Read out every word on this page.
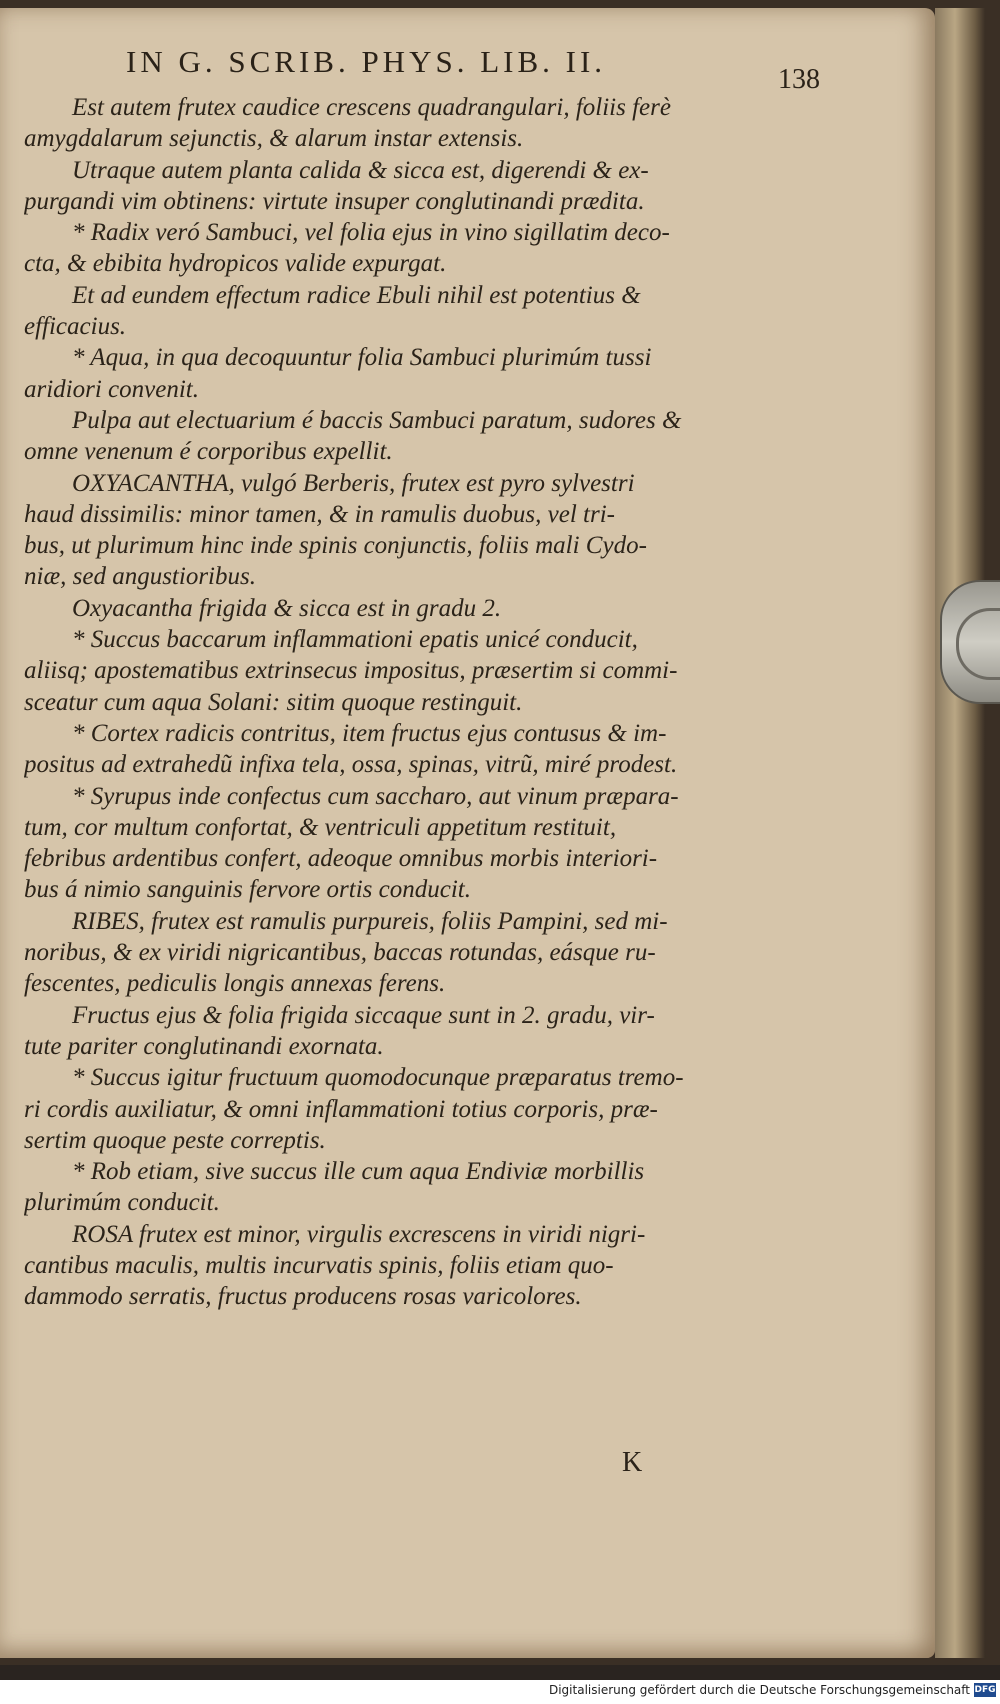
IN G. SCRIB. PHYS. LIB. II.
138
Est autem frutex caudice crescens quadrangulari, foliis ferè
amygdalarum sejunctis, & alarum instar extensis.
Utraque autem planta calida & sicca est, digerendi & ex-
purgandi vim obtinens: virtute insuper conglutinandi prædita.
* Radix veró Sambuci, vel folia ejus in vino sigillatim deco-
cta, & ebibita hydropicos valide expurgat.
Et ad eundem effectum radice Ebuli nihil est potentius &
efficacius.
* Aqua, in qua decoquuntur folia Sambuci plurimúm tussi
aridiori convenit.
Pulpa aut electuarium é baccis Sambuci paratum, sudores &
omne venenum é corporibus expellit.
OXYACANTHA, vulgó Berberis, frutex est pyro sylvestri
haud dissimilis: minor tamen, & in ramulis duobus, vel tri-
bus, ut plurimum hinc inde spinis conjunctis, foliis mali Cydo-
niæ, sed angustioribus.
Oxyacantha frigida & sicca est in gradu 2.
* Succus baccarum inflammationi epatis unicé conducit,
aliisq; apostematibus extrinsecus impositus, præsertim si commi-
sceatur cum aqua Solani: sitim quoque restinguit.
* Cortex radicis contritus, item fructus ejus contusus & im-
positus ad extrahedũ infixa tela, ossa, spinas, vitrũ, miré prodest.
* Syrupus inde confectus cum saccharo, aut vinum præpara-
tum, cor multum confortat, & ventriculi appetitum restituit,
febribus ardentibus confert, adeoque omnibus morbis interiori-
bus á nimio sanguinis fervore ortis conducit.
RIBES, frutex est ramulis purpureis, foliis Pampini, sed mi-
noribus, & ex viridi nigricantibus, baccas rotundas, eásque ru-
fescentes, pediculis longis annexas ferens.
Fructus ejus & folia frigida siccaque sunt in 2. gradu, vir-
tute pariter conglutinandi exornata.
* Succus igitur fructuum quomodocunque præparatus tremo-
ri cordis auxiliatur, & omni inflammationi totius corporis, præ-
sertim quoque peste correptis.
* Rob etiam, sive succus ille cum aqua Endiviæ morbillis
plurimúm conducit.
ROSA frutex est minor, virgulis excrescens in viridi nigri-
cantibus maculis, multis incurvatis spinis, foliis etiam quo-
dammodo serratis, fructus producens rosas varicolores.
K
Digitalisierung gefördert durch die Deutsche Forschungsgemeinschaft DFG
